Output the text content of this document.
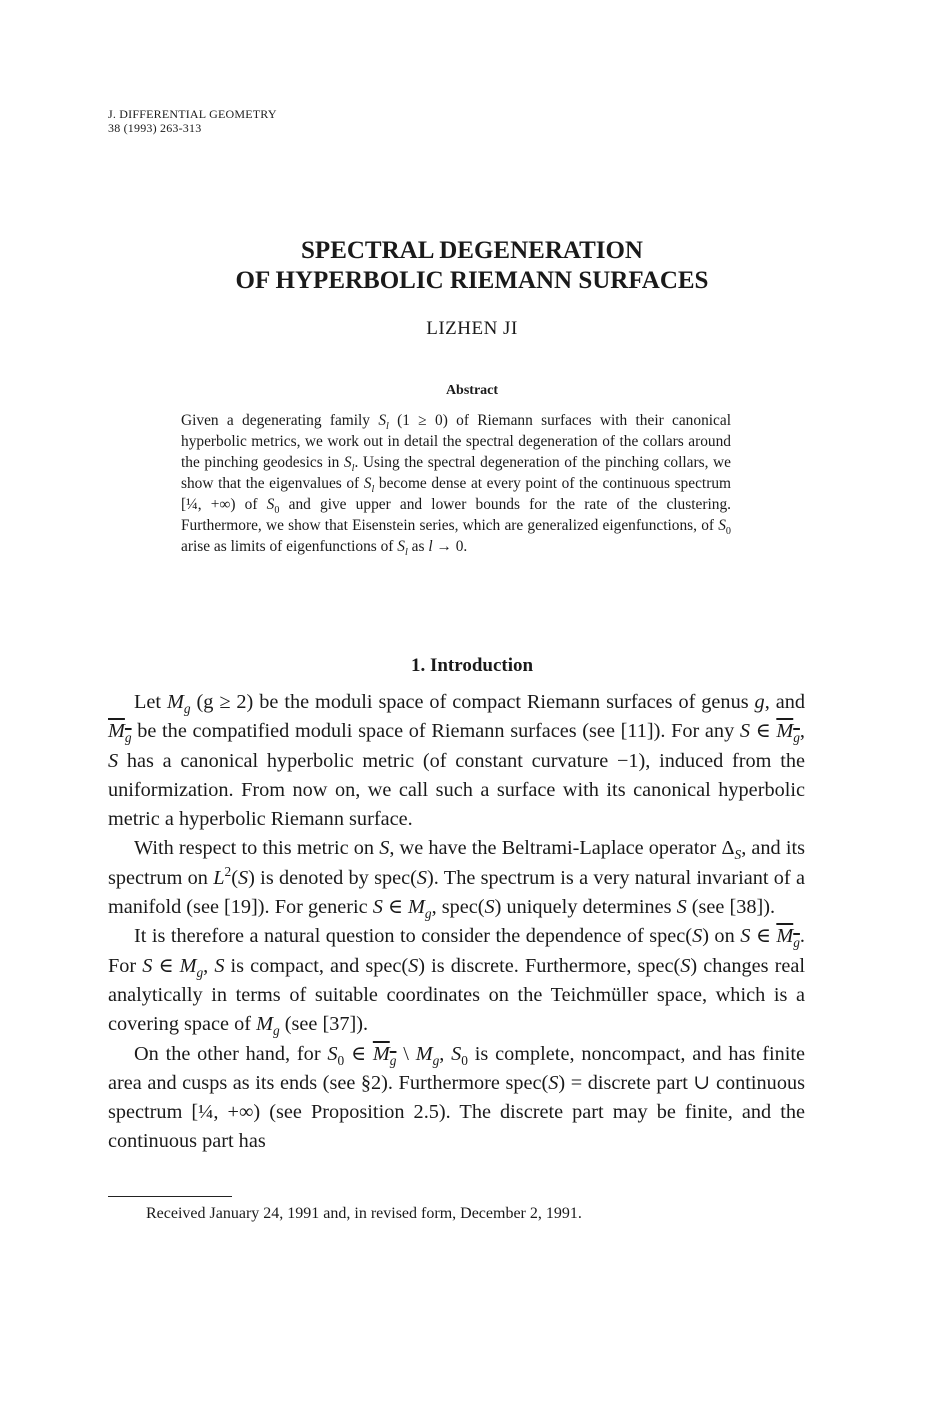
J. DIFFERENTIAL GEOMETRY
38 (1993) 263-313
SPECTRAL DEGENERATION
OF HYPERBOLIC RIEMANN SURFACES
LIZHEN JI
Abstract

Given a degenerating family $S_l$ (1 ≥ 0) of Riemann surfaces with their canonical hyperbolic metrics, we work out in detail the spectral degeneration of the collars around the pinching geodesics in $S_l$. Using the spectral degeneration of the pinching collars, we show that the eigenvalues of $S_l$ become dense at every point of the continuous spectrum [¼, +∞) of $S_0$ and give upper and lower bounds for the rate of the clustering. Furthermore, we show that Eisenstein series, which are generalized eigenfunctions, of $S_0$ arise as limits of eigenfunctions of $S_l$ as l → 0.

1. Introduction

Let $M_g$ (g ≥ 2) be the moduli space of compact Riemann surfaces of genus g, and $M_g$ be the compatified moduli space of Riemann surfaces (see [11]). For any S ∈ $M_g$, S has a canonical hyperbolic metric (of constant curvature −1), induced from the uniformization. From now on, we call such a surface with its canonical hyperbolic metric a hyperbolic Riemann surface.

With respect to this metric on S, we have the Beltrami-Laplace operator $\Delta_S$, and its spectrum on $L^2(S)$ is denoted by spec(S). The spectrum is a very natural invariant of a manifold (see [19]). For generic S ∈ $M_g$, spec(S) uniquely determines S (see [38]).

It is therefore a natural question to consider the dependence of spec(S) on S ∈ $M_g$. For S ∈ $M_g$, S is compact, and spec(S) is discrete. Furthermore, spec(S) changes real analytically in terms of suitable coordinates on the Teichmüller space, which is a covering space of $M_g$ (see [37]).

On the other hand, for $S_0$ ∈ $M_g$ \ $M_g$, $S_0$ is complete, noncompact, and has finite area and cusps as its ends (see §2). Furthermore spec(S) = discrete part ∪ continuous spectrum [¼, +∞) (see Proposition 2.5). The discrete part may be finite, and the continuous part has

Received January 24, 1991 and, in revised form, December 2, 1991.
